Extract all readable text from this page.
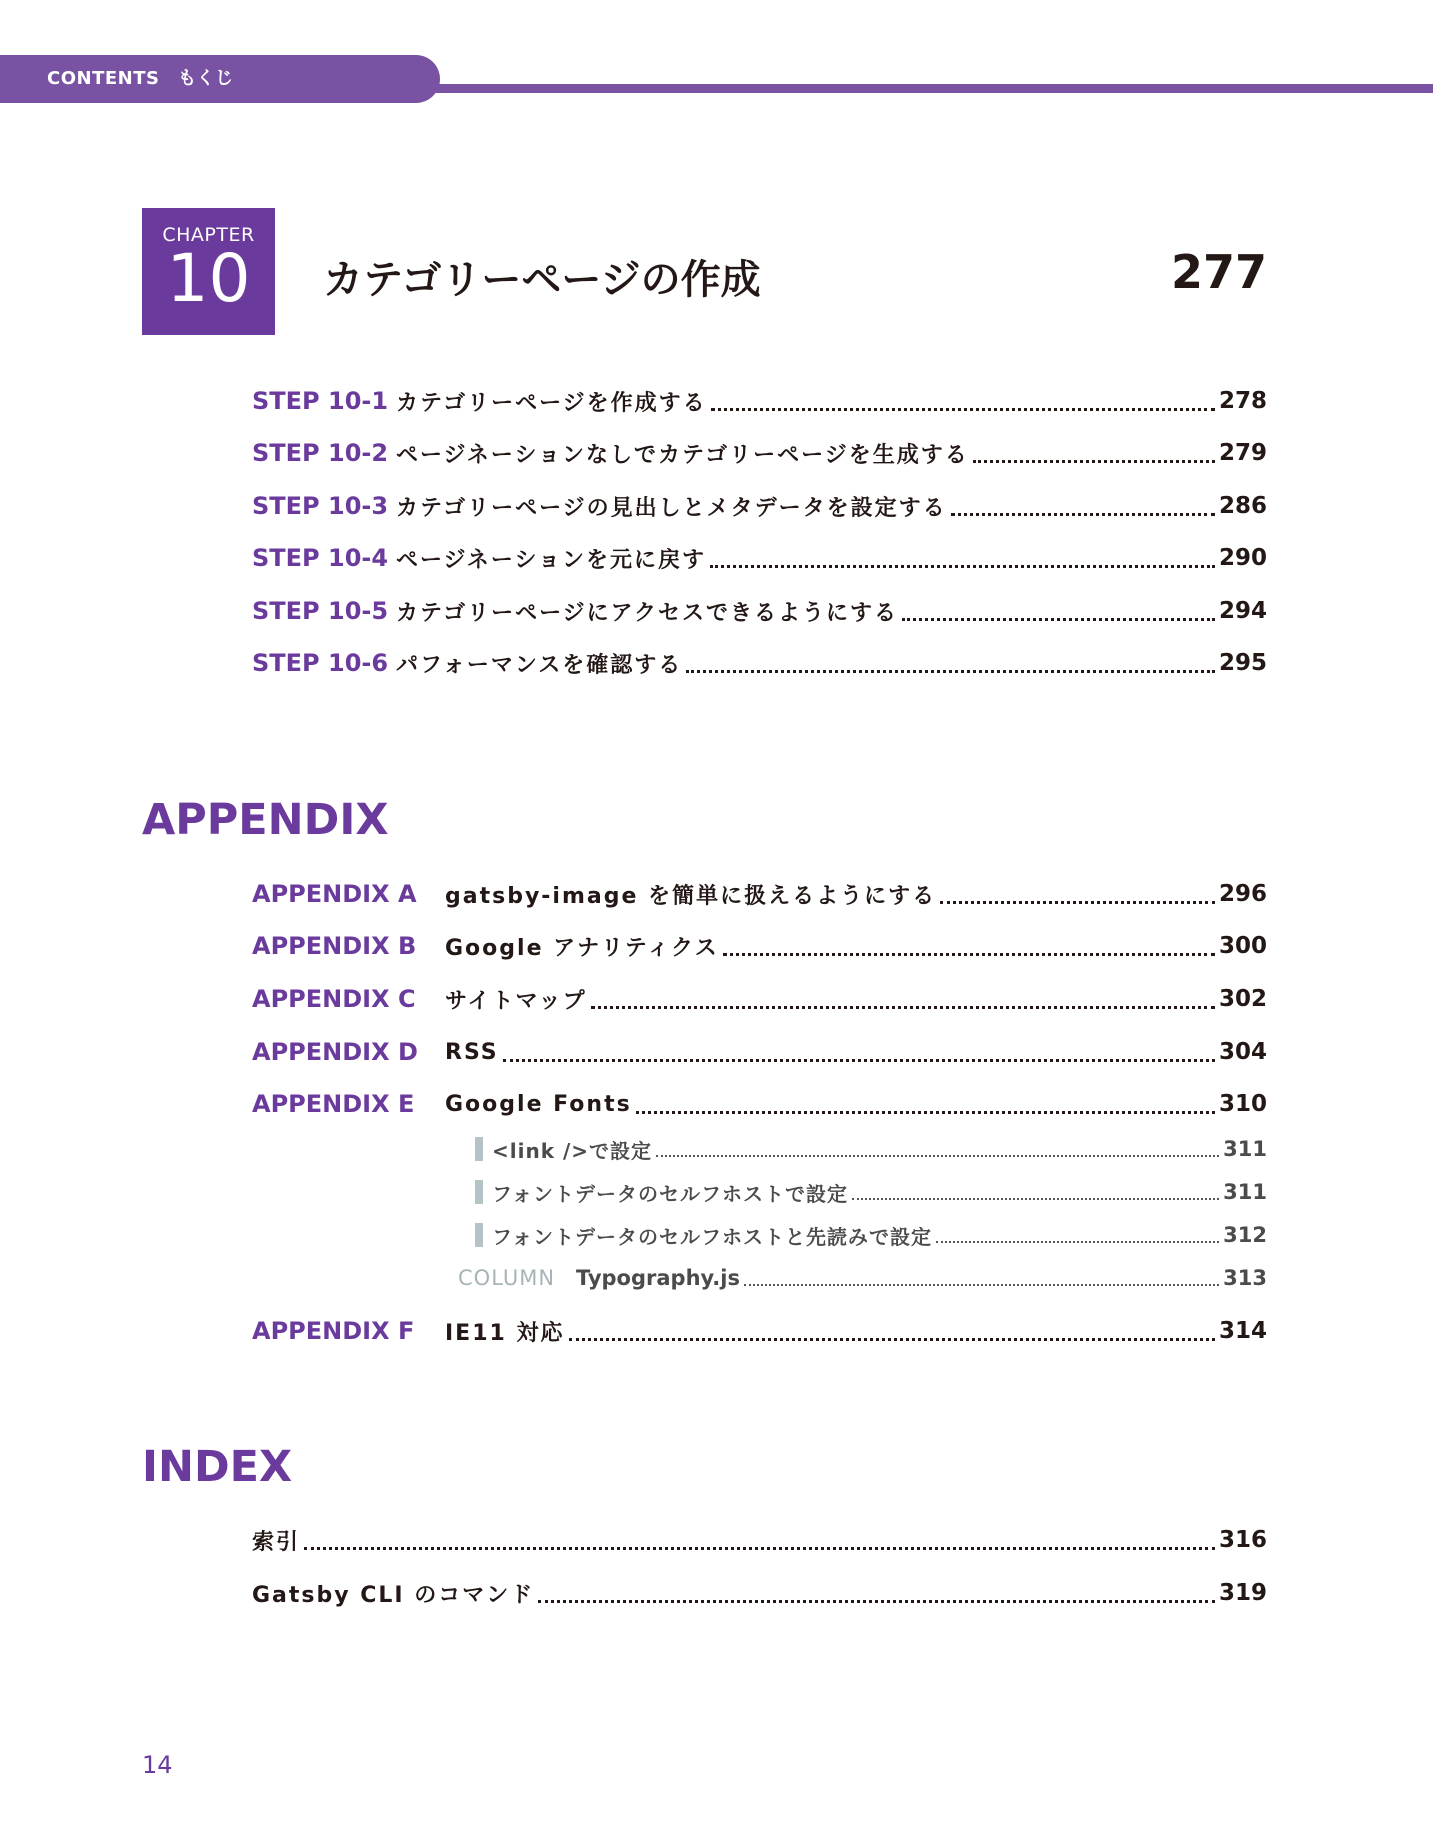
CONTENTS　もくじ
CHAPTER
10	カテゴリーページの作成	277
STEP 10-1 カテゴリーページを作成する	278
STEP 10-2 ページネーションなしでカテゴリーページを生成する	279
STEP 10-3 カテゴリーページの見出しとメタデータを設定する	286
STEP 10-4 ページネーションを元に戻す	290
STEP 10-5 カテゴリーページにアクセスできるようにする	294
STEP 10-6 パフォーマンスを確認する	295
APPENDIX
APPENDIX A	gatsby-image を簡単に扱えるようにする	296
APPENDIX B	Google アナリティクス	300
APPENDIX C	サイトマップ	302
APPENDIX D	RSS	304
APPENDIX E	Google Fonts	310
<link />で設定	311
フォントデータのセルフホストで設定	311
フォントデータのセルフホストと先読みで設定	312
COLUMN Typography.js	313
APPENDIX F	IE11 対応	314
INDEX
索引	316
Gatsby CLI のコマンド	319
14
